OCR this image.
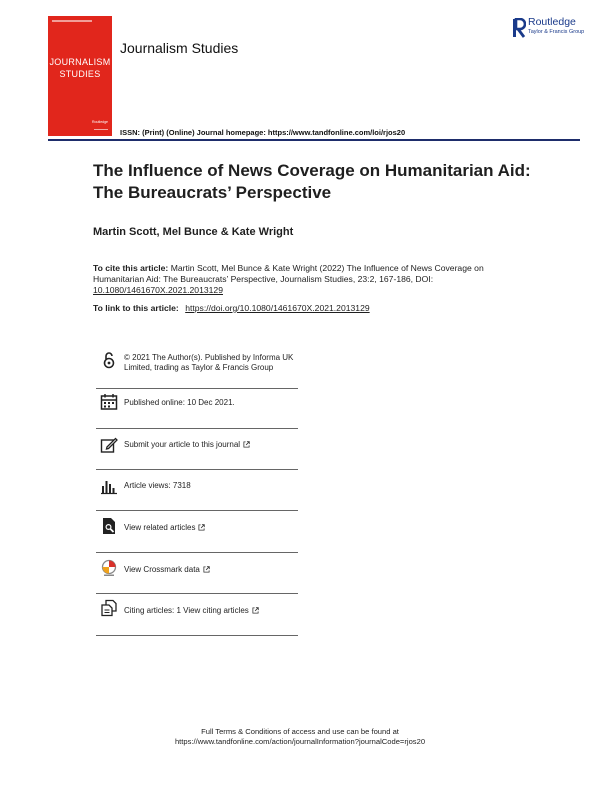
JOURNALISM
STUDIES
Routledge
Journalism Studies
Routledge
Taylor & Francis Group
ISSN: (Print) (Online) Journal homepage: https://www.tandfonline.com/loi/rjos20
The Influence of News Coverage on Humanitarian Aid: The Bureaucrats’ Perspective
Martin Scott, Mel Bunce & Kate Wright
To cite this article: Martin Scott, Mel Bunce & Kate Wright (2022) The Influence of News Coverage on Humanitarian Aid: The Bureaucrats’ Perspective, Journalism Studies, 23:2, 167-186, DOI: 10.1080/1461670X.2021.2013129
To link to this article: https://doi.org/10.1080/1461670X.2021.2013129
© 2021 The Author(s). Published by Informa UK Limited, trading as Taylor & Francis Group
Published online: 10 Dec 2021.
Submit your article to this journal
Article views: 7318
View related articles
View Crossmark data
Citing articles: 1 View citing articles
Full Terms & Conditions of access and use can be found at
https://www.tandfonline.com/action/journalInformation?journalCode=rjos20
